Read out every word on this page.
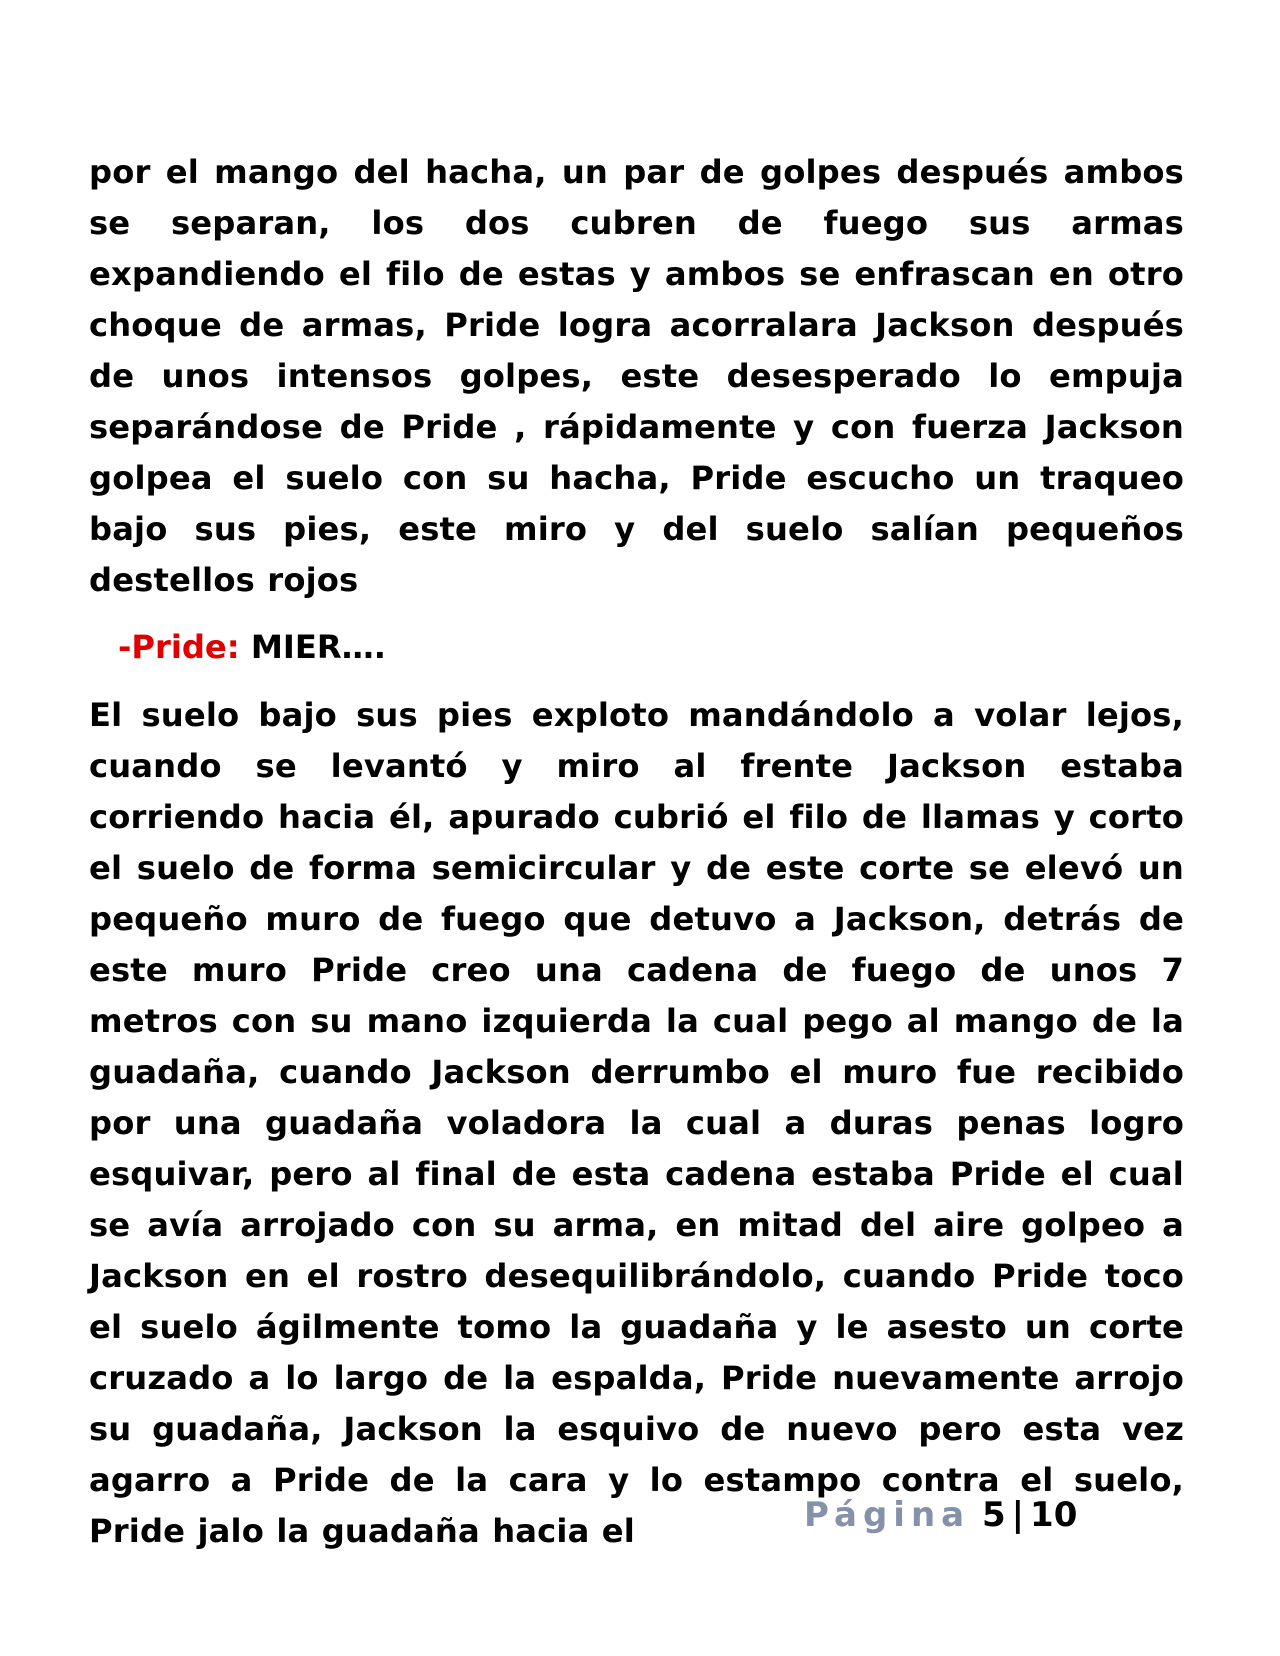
por el mango del hacha, un par de golpes después ambos se separan, los dos cubren de fuego sus armas expandiendo el filo de estas y ambos se enfrascan en otro choque de armas, Pride logra acorralara Jackson después de unos intensos golpes, este desesperado lo empuja separándose de Pride , rápidamente y con fuerza Jackson golpea el suelo con su hacha, Pride escucho un traqueo bajo sus pies, este miro y del suelo salían pequeños destellos rojos

-Pride: MIER….

El suelo bajo sus pies exploto mandándolo a volar lejos, cuando se levantó y miro al frente Jackson estaba corriendo hacia él, apurado cubrió el filo de llamas y corto el suelo de forma semicircular y de este corte se elevó un pequeño muro de fuego que detuvo a Jackson, detrás de este muro Pride creo una cadena de fuego de unos 7 metros con su mano izquierda la cual pego al mango de la guadaña, cuando Jackson derrumbo el muro fue recibido por una guadaña voladora la cual a duras penas logro esquivar, pero al final de esta cadena estaba Pride el cual se avía arrojado con su arma, en mitad del aire golpeo a Jackson en el rostro desequilibrándolo, cuando Pride toco el suelo ágilmente tomo la guadaña y le asesto un corte cruzado a lo largo de la espalda, Pride nuevamente arrojo su guadaña, Jackson la esquivo de nuevo pero esta vez agarro a Pride de la cara y lo estampo contra el suelo, Pride jalo la guadaña hacia el	Página 5 | 10
